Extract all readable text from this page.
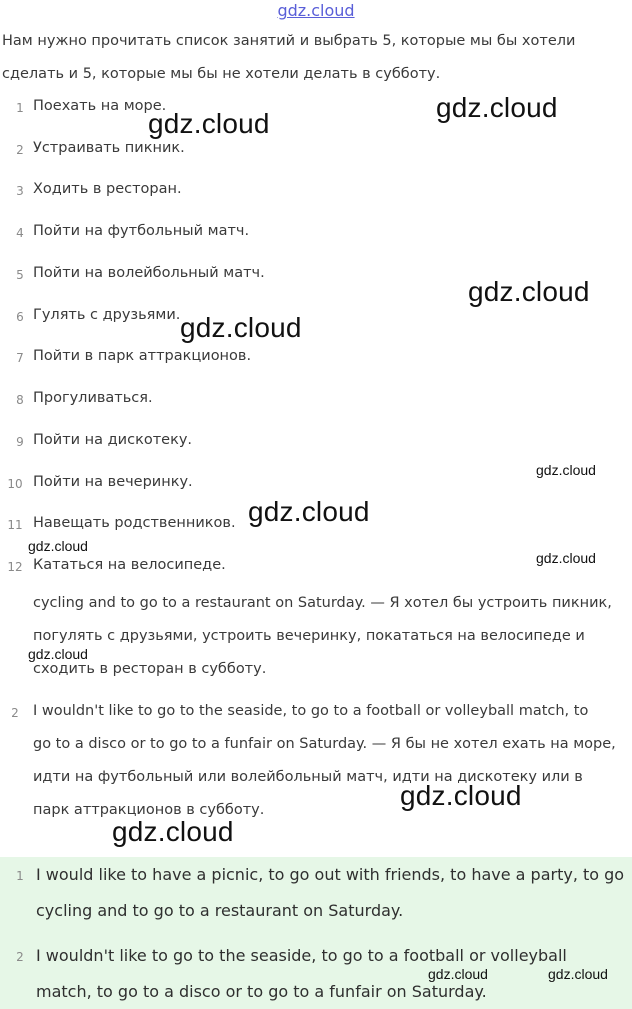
gdz.cloud
Нам нужно прочитать список занятий и выбрать 5, которые мы бы хотели
сделать и 5, которые мы бы не хотели делать в субботу.
1 Поехать на море.
2 Устраивать пикник.
3 Ходить в ресторан.
4 Пойти на футбольный матч.
5 Пойти на волейбольный матч.
6 Гулять с друзьями.
7 Пойти в парк аттракционов.
8 Прогуливаться.
9 Пойти на дискотеку.
10 Пойти на вечеринку.
11 Навещать родственников.
12 Кататься на велосипеде.
cycling and to go to a restaurant on Saturday. — Я хотел бы устроить пикник,
погулять с друзьями, устроить вечеринку, покататься на велосипеде и
сходить в ресторан в субботу.
2 I wouldn't like to go to the seaside, to go to a football or volleyball match, to
go to a disco or to go to a funfair on Saturday. — Я бы не хотел ехать на море,
идти на футбольный или волейбольный матч, идти на дискотеку или в
парк аттракционов в субботу.
1 I would like to have a picnic, to go out with friends, to have a party, to go
cycling and to go to a restaurant on Saturday.
2 I wouldn't like to go to the seaside, to go to a football or volleyball
match, to go to a disco or to go to a funfair on Saturday.
gdz.cloud
gdz.cloud
gdz.cloud
gdz.cloud
gdz.cloud
gdz.cloud
gdz.cloud
gdz.cloud
gdz.cloud
gdz.cloud
gdz.cloud
gdz.cloud	gdz.cloud
